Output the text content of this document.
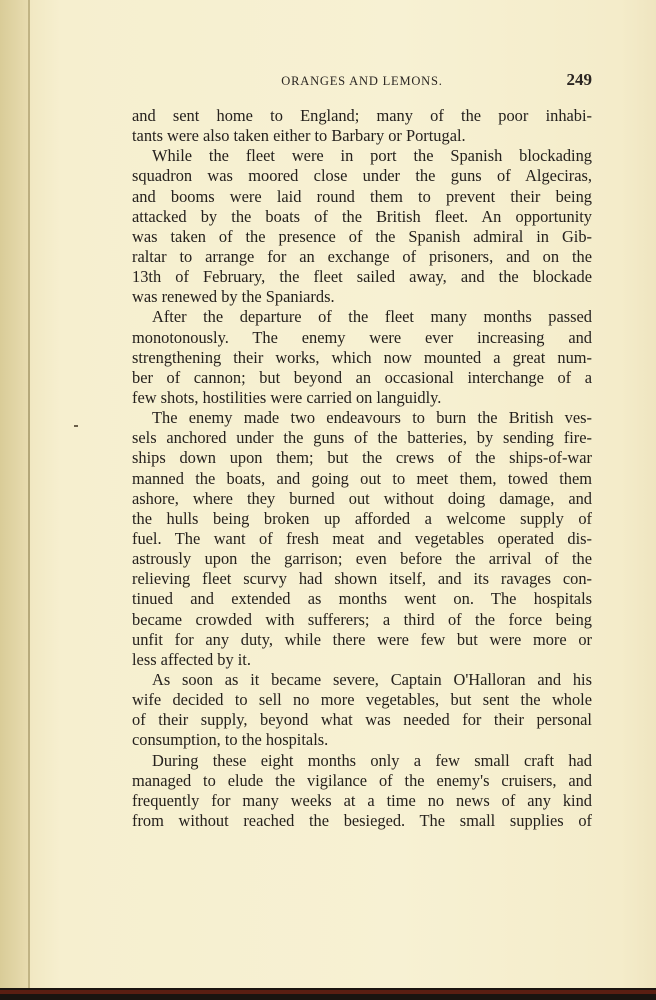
ORANGES AND LEMONS.	249
and sent home to England; many of the poor inhabi-
tants were also taken either to Barbary or Portugal.
While the fleet were in port the Spanish blockading
squadron was moored close under the guns of Algeciras,
and booms were laid round them to prevent their being
attacked by the boats of the British fleet. An opportunity
was taken of the presence of the Spanish admiral in Gib-
raltar to arrange for an exchange of prisoners, and on the
13th of February, the fleet sailed away, and the blockade
was renewed by the Spaniards.
After the departure of the fleet many months passed
monotonously. The enemy were ever increasing and
strengthening their works, which now mounted a great num-
ber of cannon; but beyond an occasional interchange of a
few shots, hostilities were carried on languidly.
The enemy made two endeavours to burn the British ves-
sels anchored under the guns of the batteries, by sending fire-
ships down upon them; but the crews of the ships-of-war
manned the boats, and going out to meet them, towed them
ashore, where they burned out without doing damage, and
the hulls being broken up afforded a welcome supply of
fuel. The want of fresh meat and vegetables operated dis-
astrously upon the garrison; even before the arrival of the
relieving fleet scurvy had shown itself, and its ravages con-
tinued and extended as months went on. The hospitals
became crowded with sufferers; a third of the force being
unfit for any duty, while there were few but were more or
less affected by it.
As soon as it became severe, Captain O'Halloran and his
wife decided to sell no more vegetables, but sent the whole
of their supply, beyond what was needed for their personal
consumption, to the hospitals.
During these eight months only a few small craft had
managed to elude the vigilance of the enemy's cruisers, and
frequently for many weeks at a time no news of any kind
from without reached the besieged. The small supplies of
